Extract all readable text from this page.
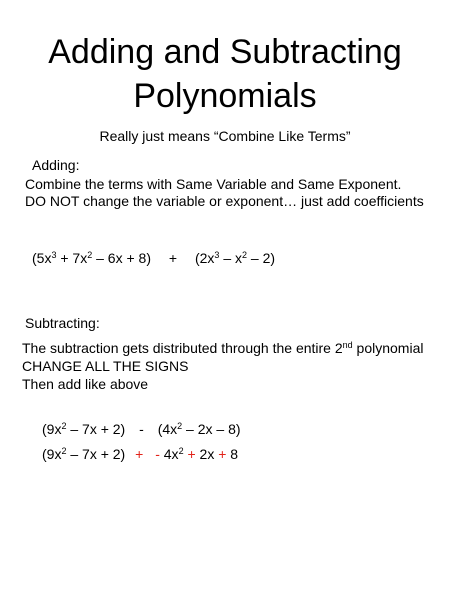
Adding and Subtracting
Polynomials
Really just means “Combine Like Terms”
Adding:
Combine the terms with Same Variable and Same Exponent.
DO NOT change the variable or exponent… just add coefficients
$(5x^3 + 7x^2 - 6x + 8) + (2x^3 - x^2 - 2)$
Subtracting:
The subtraction gets distributed through the entire 2nd polynomial
CHANGE ALL THE SIGNS
Then add like above
$(9x^2 - 7x + 2) - (4x^2 - 2x - 8)$
$(9x^2 - 7x + 2)$ + - $4x^2 + 2x + 8$
